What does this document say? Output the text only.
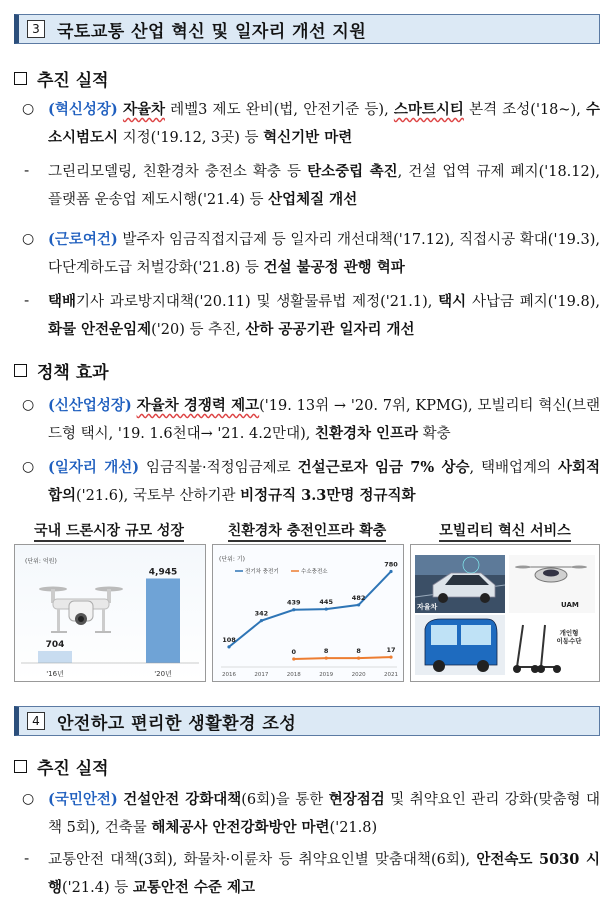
3	국토교통 산업 혁신 및 일자리 개선 지원
추진 실적
○ (혁신성장) 자율차 레벨3 제도 완비(법, 안전기준 등), 스마트시티 본격 조성('18~), 수소시범도시 지정('19.12, 3곳) 등 혁신기반 마련
- 그린리모델링, 친환경차 충전소 확충 등 탄소중립 촉진, 건설 업역 규제 폐지('18.12), 플랫폼 운송업 제도시행('21.4) 등 산업체질 개선
○ (근로여건) 발주자 임금직접지급제 등 일자리 개선대책('17.12), 직접시공 확대('19.3), 다단계하도급 처벌강화('21.8) 등 건설 불공정 관행 혁파
- 택배기사 과로방지대책('20.11) 및 생활물류법 제정('21.1), 택시 사납금 폐지('19.8), 화물 안전운임제('20) 등 추진, 산하 공공기관 일자리 개선
정책 효과
○ (신산업성장) 자율차 경쟁력 제고('19. 13위 → '20. 7위, KPMG), 모빌리티 혁신(브랜드형 택시, '19. 1.6천대→ '21. 4.2만대), 친환경차 인프라 확충
○ (일자리 개선) 임금직불·적정임금제로 건설근로자 임금 7% 상승, 택배업계의 사회적 합의('21.6), 국토부 산하기관 비정규직 3.3만명 정규직화
국내 드론시장 규모 성장	친환경차 충전인프라 확충	모빌리티 혁신 서비스
(단위: 억원)
704
'16년
4,945
'20년
(단위: 기)
전기차 충전기	수소충전소
2016	2017	2018	2019	2020	2021
108
342
439	445
482
780
0	8	8	17
자율차	UAM
개인형 이동수단
4	안전하고 편리한 생활환경 조성
추진 실적
○ (국민안전) 건설안전 강화대책(6회)을 통한 현장점검 및 취약요인 관리 강화(맞춤형 대책 5회), 건축물 해체공사 안전강화방안 마련('21.8)
- 교통안전 대책(3회), 화물차·이륜차 등 취약요인별 맞춤대책(6회), 안전속도 5030 시행('21.4) 등 교통안전 수준 제고
